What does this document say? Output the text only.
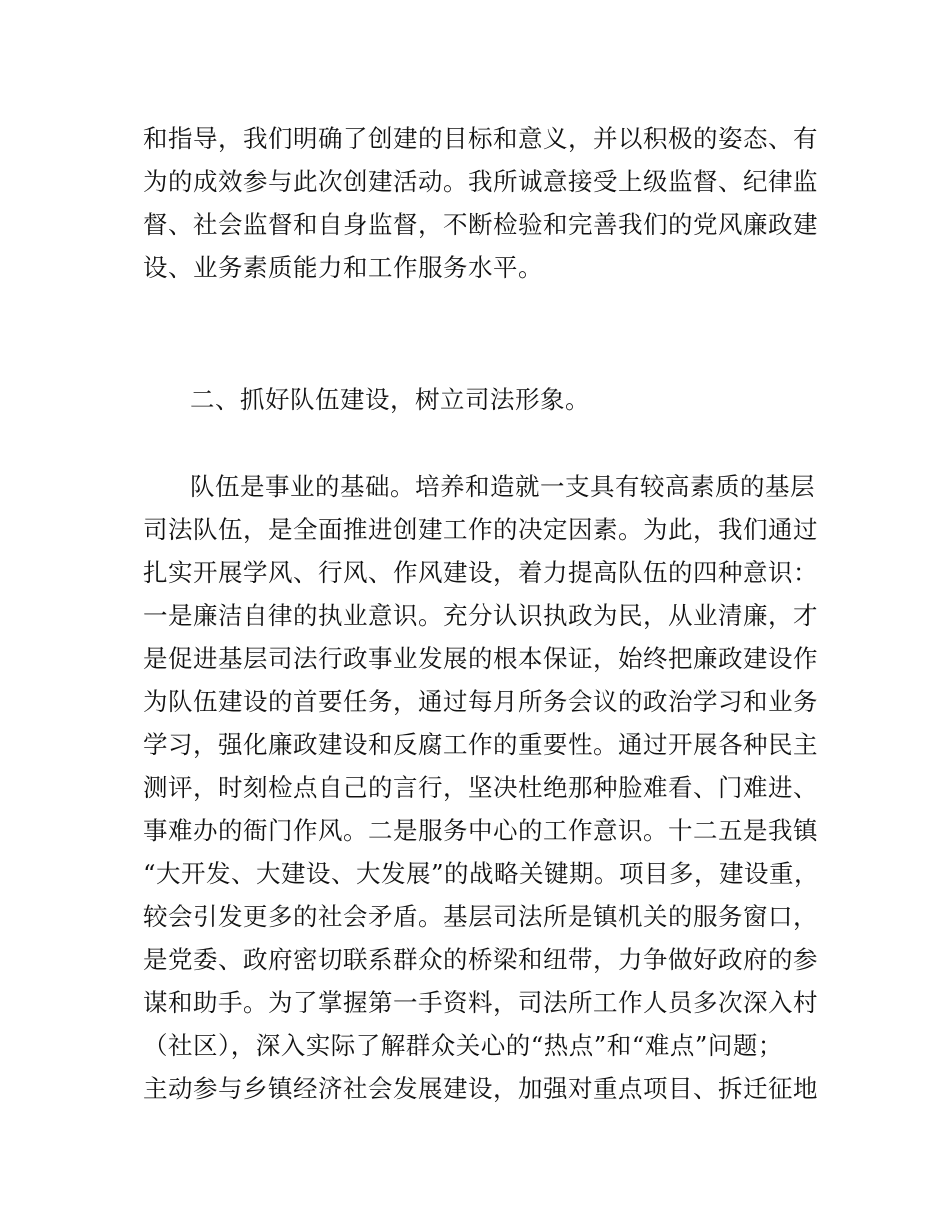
和指导，我们明确了创建的目标和意义，并以积极的姿态、有
为的成效参与此次创建活动。我所诚意接受上级监督、纪律监
督、社会监督和自身监督，不断检验和完善我们的党风廉政建
设、业务素质能力和工作服务水平。
二、抓好队伍建设，树立司法形象。
队伍是事业的基础。培养和造就一支具有较高素质的基层
司法队伍，是全面推进创建工作的决定因素。为此，我们通过
扎实开展学风、行风、作风建设，着力提高队伍的四种意识：
一是廉洁自律的执业意识。充分认识执政为民，从业清廉，才
是促进基层司法行政事业发展的根本保证，始终把廉政建设作
为队伍建设的首要任务，通过每月所务会议的政治学习和业务
学习，强化廉政建设和反腐工作的重要性。通过开展各种民主
测评，时刻检点自己的言行，坚决杜绝那种脸难看、门难进、
事难办的衙门作风。二是服务中心的工作意识。十二五是我镇
“大开发、大建设、大发展”的战略关键期。项目多，建设重，
较会引发更多的社会矛盾。基层司法所是镇机关的服务窗口，
是党委、政府密切联系群众的桥梁和纽带，力争做好政府的参
谋和助手。为了掌握第一手资料，司法所工作人员多次深入村
（社区），深入实际了解群众关心的“热点”和“难点”问题；
主动参与乡镇经济社会发展建设，加强对重点项目、拆迁征地
